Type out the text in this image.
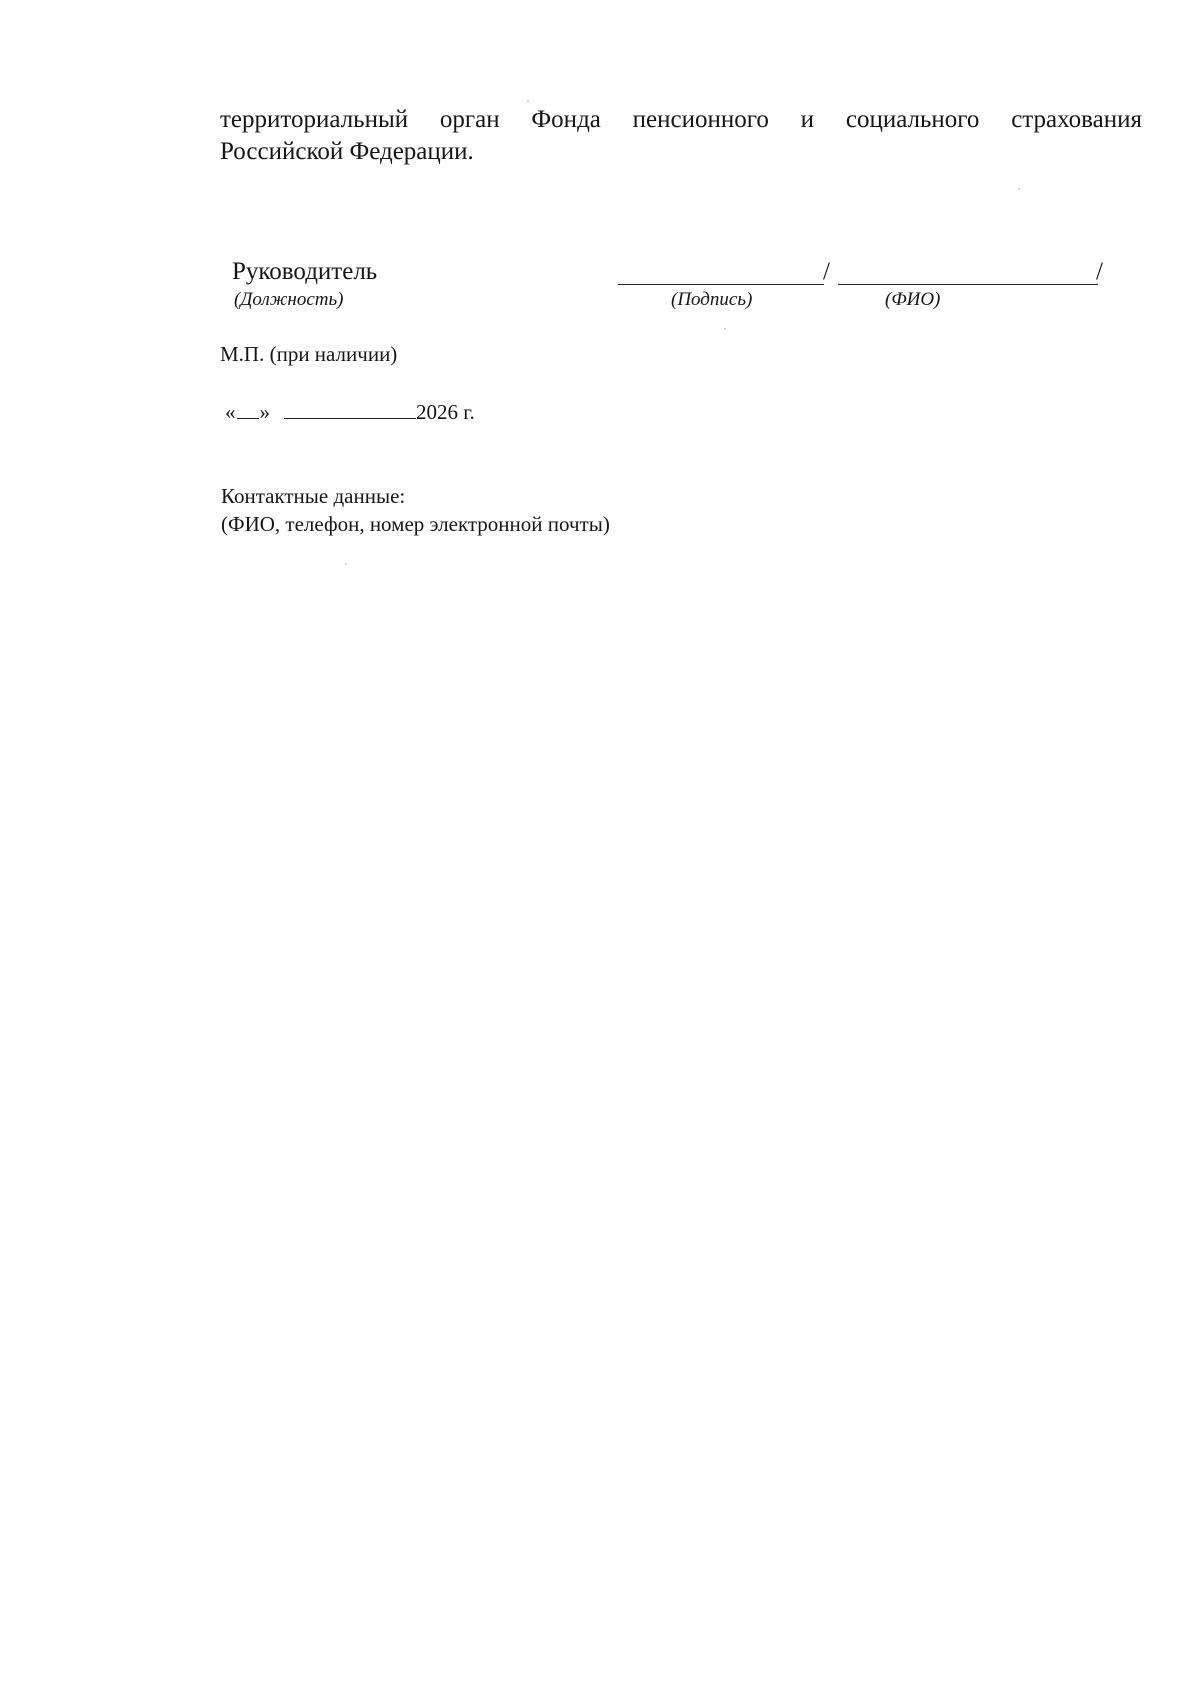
территориальный орган Фонда пенсионного и социального страхования
Российской Федерации.
Руководитель	/	/
(Должность)	(Подпись)	(ФИО)
М.П. (при наличии)
« »	2026 г.
Контактные данные:
(ФИО, телефон, номер электронной почты)
